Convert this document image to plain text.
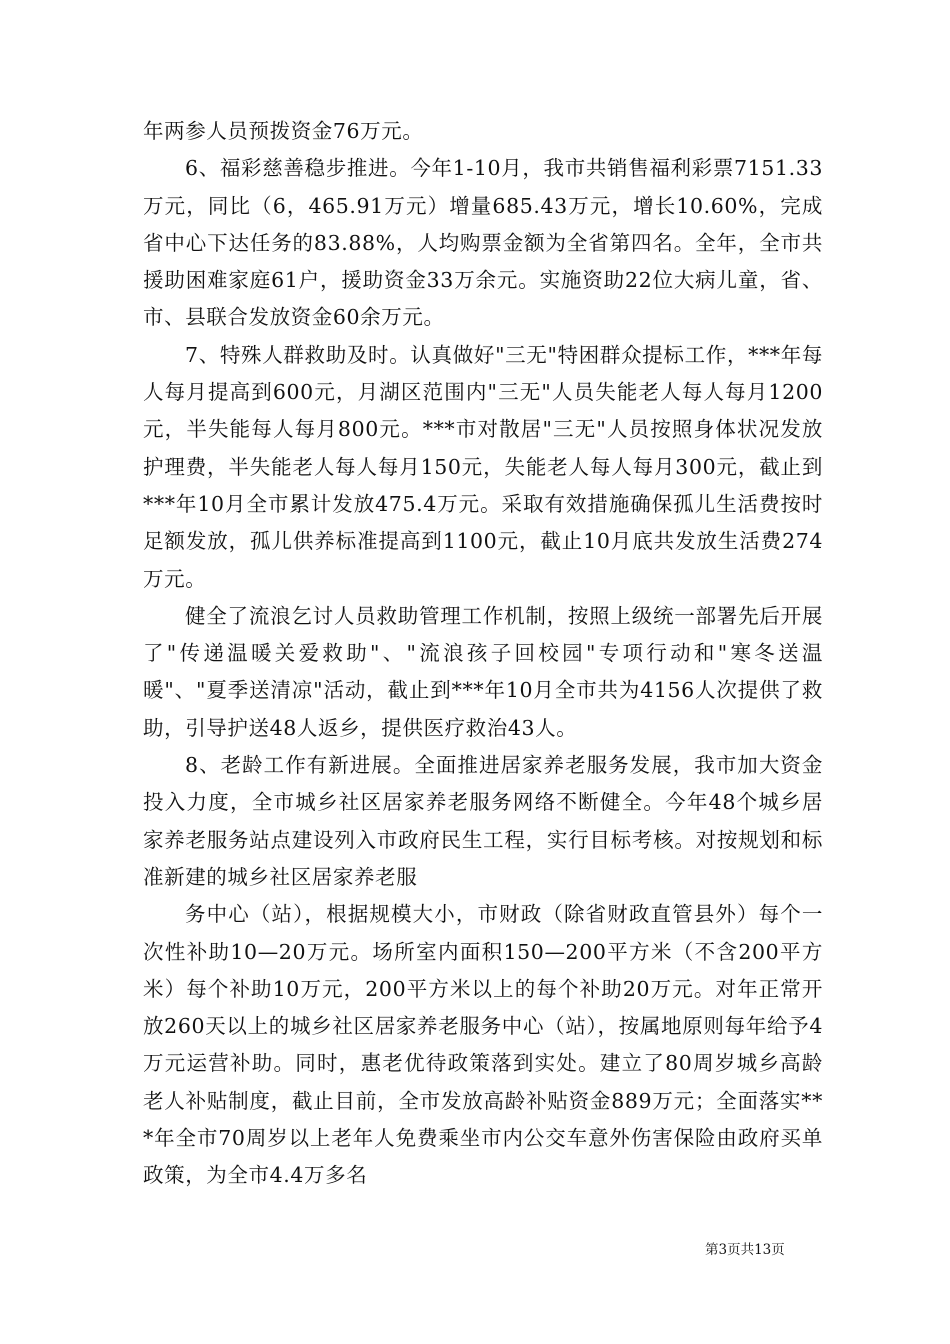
年两参人员预拨资金76万元。

6、福彩慈善稳步推进。今年1-10月，我市共销售福利彩票7151.33万元，同比（6，465.91万元）增量685.43万元，增长10.60%，完成省中心下达任务的83.88%，人均购票金额为全省第四名。全年，全市共援助困难家庭61户，援助资金33万余元。实施资助22位大病儿童，省、市、县联合发放资金60余万元。

7、特殊人群救助及时。认真做好"三无"特困群众提标工作，***年每人每月提高到600元，月湖区范围内"三无"人员失能老人每人每月1200元，半失能每人每月800元。***市对散居"三无"人员按照身体状况发放护理费，半失能老人每人每月150元，失能老人每人每月300元，截止到***年10月全市累计发放475.4万元。采取有效措施确保孤儿生活费按时足额发放，孤儿供养标准提高到1100元，截止10月底共发放生活费274万元。

健全了流浪乞讨人员救助管理工作机制，按照上级统一部署先后开展了"传递温暖关爱救助"、"流浪孩子回校园"专项行动和"寒冬送温暖"、"夏季送清凉"活动，截止到***年10月全市共为4156人次提供了救助，引导护送48人返乡，提供医疗救治43人。

8、老龄工作有新进展。全面推进居家养老服务发展，我市加大资金投入力度，全市城乡社区居家养老服务网络不断健全。今年48个城乡居家养老服务站点建设列入市政府民生工程，实行目标考核。对按规划和标准新建的城乡社区居家养老服

务中心（站），根据规模大小，市财政（除省财政直管县外）每个一次性补助10—20万元。场所室内面积150—200平方米（不含200平方米）每个补助10万元，200平方米以上的每个补助20万元。对年正常开放260天以上的城乡社区居家养老服务中心（站），按属地原则每年给予4万元运营补助。同时，惠老优待政策落到实处。建立了80周岁城乡高龄老人补贴制度，截止目前，全市发放高龄补贴资金889万元；全面落实***年全市70周岁以上老年人免费乘坐市内公交车意外伤害保险由政府买单政策，为全市4.4万多名

第3页共13页
